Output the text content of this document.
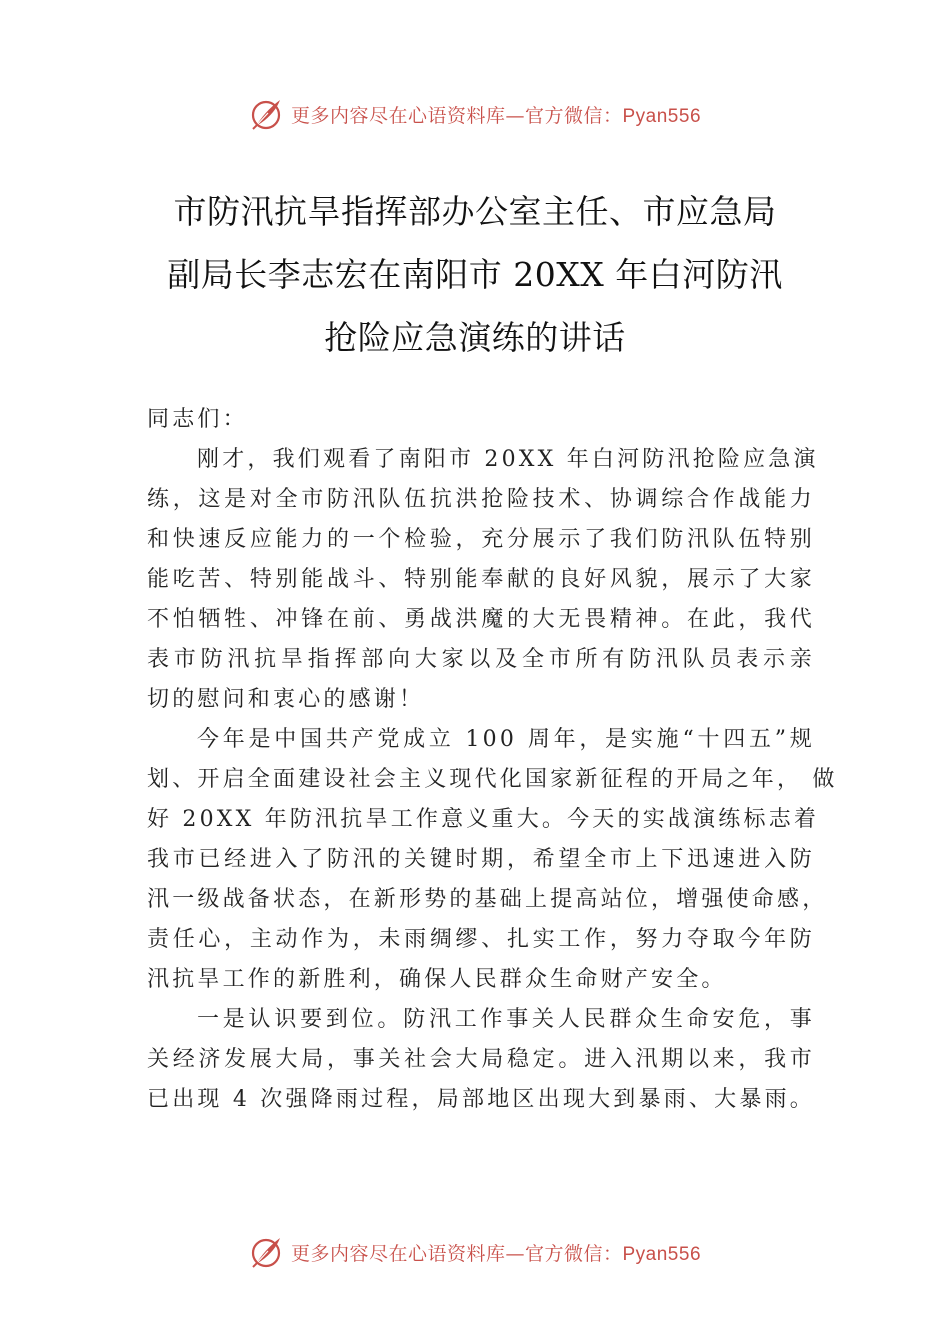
更多内容尽在心语资料库—官方微信：Pyan556
市防汛抗旱指挥部办公室主任、市应急局
副局长李志宏在南阳市 20XX 年白河防汛
抢险应急演练的讲话
同志们：
刚才，我们观看了南阳市 20XX 年白河防汛抢险应急演
练，这是对全市防汛队伍抗洪抢险技术、协调综合作战能力
和快速反应能力的一个检验，充分展示了我们防汛队伍特别
能吃苦、特别能战斗、特别能奉献的良好风貌，展示了大家
不怕牺牲、冲锋在前、勇战洪魔的大无畏精神。在此，我代
表市防汛抗旱指挥部向大家以及全市所有防汛队员表示亲
切的慰问和衷心的感谢！
今年是中国共产党成立 100 周年，是实施“十四五”规
划、开启全面建设社会主义现代化国家新征程的开局之年， 做
好 20XX 年防汛抗旱工作意义重大。今天的实战演练标志着
我市已经进入了防汛的关键时期，希望全市上下迅速进入防
汛一级战备状态，在新形势的基础上提高站位，增强使命感，
责任心，主动作为，未雨绸缪、扎实工作，努力夺取今年防
汛抗旱工作的新胜利，确保人民群众生命财产安全。
一是认识要到位。防汛工作事关人民群众生命安危，事
关经济发展大局，事关社会大局稳定。进入汛期以来，我市
已出现 4 次强降雨过程，局部地区出现大到暴雨、大暴雨。
更多内容尽在心语资料库—官方微信：Pyan556
